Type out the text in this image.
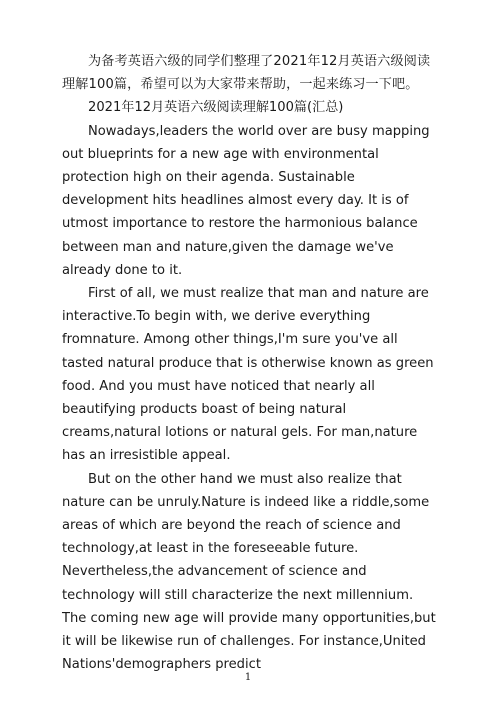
为备考英语六级的同学们整理了2021年12月英语六级阅读理解100篇，希望可以为大家带来帮助，一起来练习一下吧。

2021年12月英语六级阅读理解100篇(汇总)

Nowadays,leaders the world over are busy mapping out blueprints for a new age with environmental protection high on their agenda. Sustainable development hits headlines almost every day. It is of utmost importance to restore the harmonious balance between man and nature,given the damage we've already done to it.

First of all, we must realize that man and nature are interactive.To begin with, we derive everything fromnature. Among other things,I'm sure you've all tasted natural produce that is otherwise known as green food. And you must have noticed that nearly all beautifying products boast of being natural creams,natural lotions or natural gels. For man,nature has an irresistible appeal.

But on the other hand we must also realize that nature can be unruly.Nature is indeed like a riddle,some areas of which are beyond the reach of science and technology,at least in the foreseeable future. Nevertheless,the advancement of science and technology will still characterize the next millennium. The coming new age will provide many opportunities,but it will be likewise run of challenges. For instance,United Nations'demographers predict

1
